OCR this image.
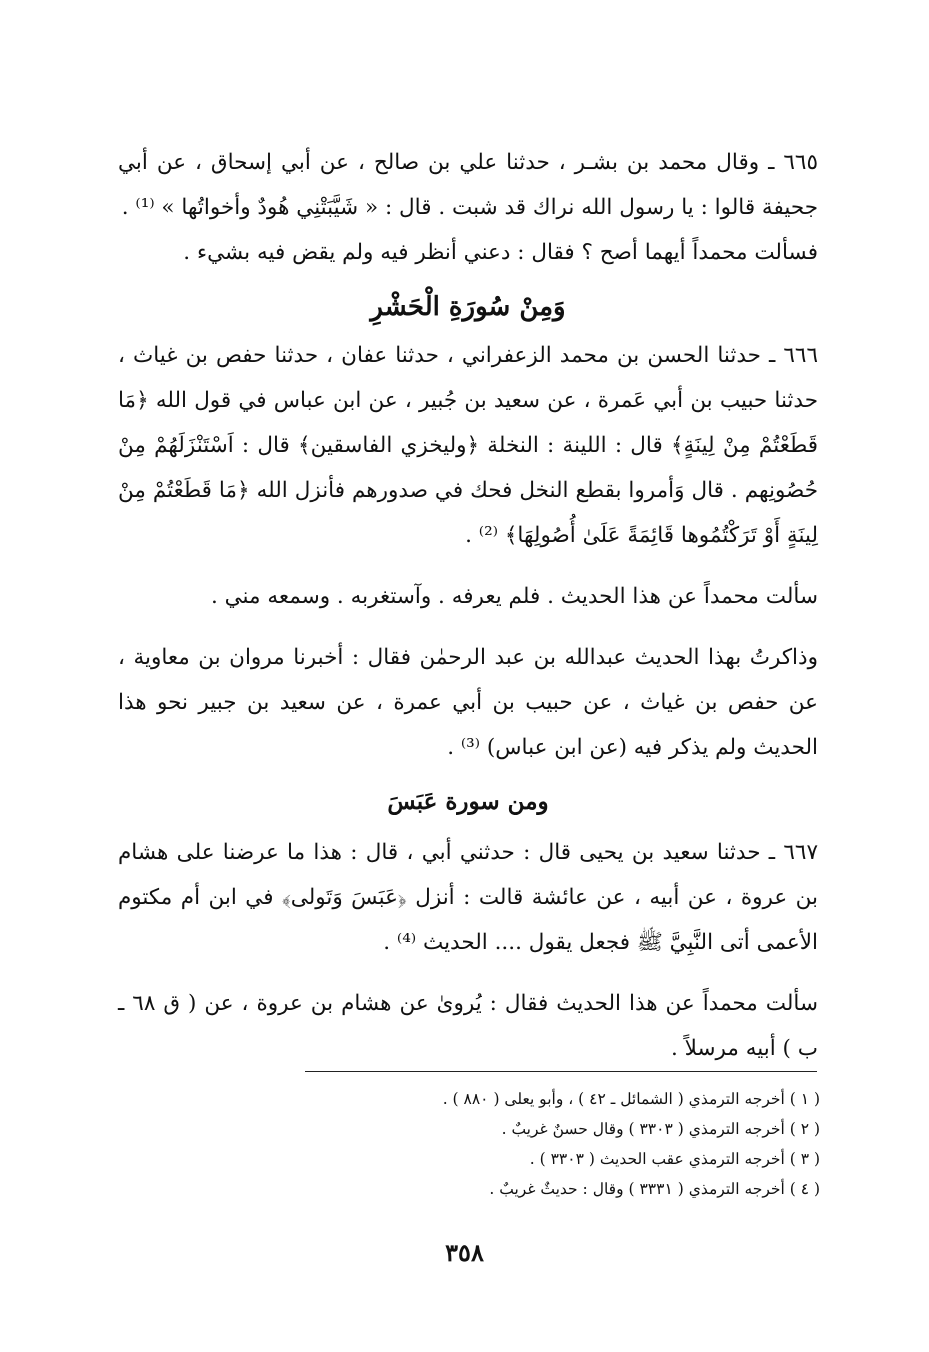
٦٦٥ ـ وقال محمد بن بشـر ، حدثنا علي بن صالح ، عن أبي إسحاق ، عن أبي جحيفة قالوا : يا رسول الله نراك قد شبت . قال : « شَيَّبَتْنِي هُودٌ وأخواتُها » ⁽¹⁾ .

فسألت محمداً أيهما أصح ؟ فقال : دعني أنظر فيه ولم يقض فيه بشيء .

وَمِنْ سُورَةِ الْحَشْرِ

٦٦٦ ـ حدثنا الحسن بن محمد الزعفراني ، حدثنا عفان ، حدثنا حفص بن غياث ، حدثنا حبيب بن أبي عَمرة ، عن سعيد بن جُبير ، عن ابن عباس في قول الله ﴿مَا قَطَعْتُمْ مِنْ لِينَةٍ﴾ قال : اللينة : النخلة ﴿وليخزي الفاسقين﴾ قال : اَسْتَنْزَلَهُمْ مِنْ حُصُونِهم . قال وَأمروا بقطع النخل فحك في صدورهم فأنزل الله ﴿مَا قَطَعْتُمْ مِنْ لِينَةٍ أَوْ تَرَكْتُمُوها قَائِمَةً عَلَىٰ أُصُولِهَا﴾ ⁽²⁾ .

سألت محمداً عن هذا الحديث . فلم يعرفه . وآستغربه . وسمعه مني .

وذاكرتُ بهذا الحديث عبدالله بن عبد الرحمٰن فقال : أخبرنا مروان بن معاوية ، عن حفص بن غياث ، عن حبيب بن أبي عمرة ، عن سعيد بن جبير نحو هذا الحديث ولم يذكر فيه (عن ابن عباس) ⁽³⁾ .

ومن سورة عَبَسَ

٦٦٧ ـ حدثنا سعيد بن يحيى قال : حدثني أبي ، قال : هذا ما عرضنا على هشام بن عروة ، عن أبيه ، عن عائشة قالت : أنزل ﴿عَبَسَ وَتَولى﴾ في ابن أم مكتوم الأعمى أتى النَّبِيَّ ﷺ فجعل يقول .... الحديث ⁽⁴⁾ .

سألت محمداً عن هذا الحديث فقال : يُروىٰ عن هشام بن عروة ، عن ( ق ٦٨ ـ ب ) أبيه مرسلاً .

( ١ ) أخرجه الترمذي ( الشمائل ـ ٤٢ ) ، وأبو يعلى ( ٨٨٠ ) .

( ٢ ) أخرجه الترمذي ( ٣٣٠٣ ) وقال حسنٌ غريبٌ .

( ٣ ) أخرجه الترمذي عقب الحديث ( ٣٣٠٣ ) .

( ٤ ) أخرجه الترمذي ( ٣٣٣١ ) وقال : حديثٌ غريبٌ .

٣٥٨
